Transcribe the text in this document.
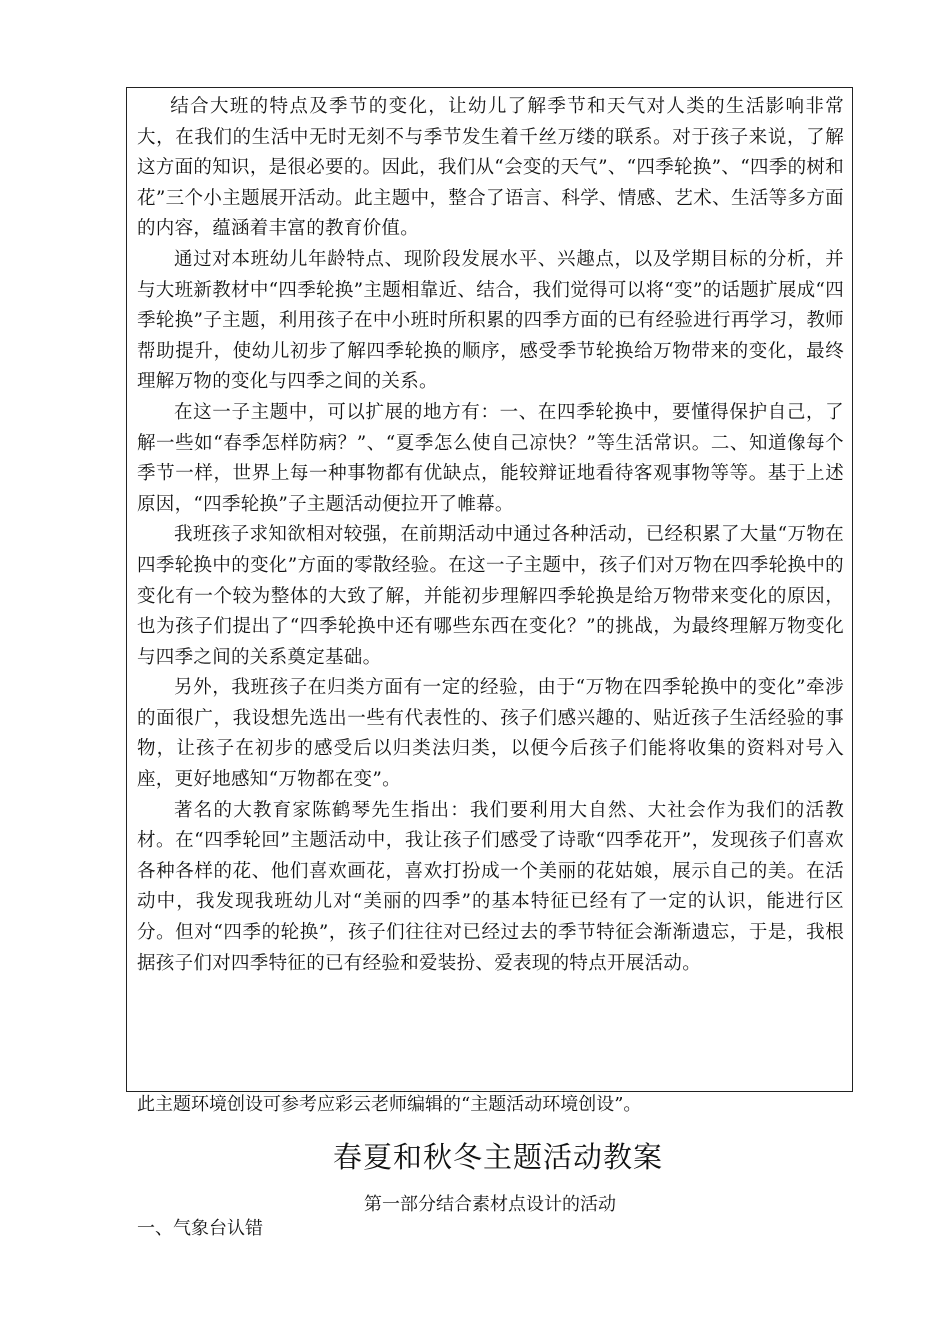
结合大班的特点及季节的变化，让幼儿了解季节和天气对人类的生活影响非常大，在我们的生活中无时无刻不与季节发生着千丝万缕的联系。对于孩子来说，了解这方面的知识，是很必要的。因此，我们从“会变的天气”、“四季轮换”、“四季的树和花”三个小主题展开活动。此主题中，整合了语言、科学、情感、艺术、生活等多方面的内容，蕴涵着丰富的教育价值。

通过对本班幼儿年龄特点、现阶段发展水平、兴趣点，以及学期目标的分析，并与大班新教材中“四季轮换”主题相靠近、结合，我们觉得可以将“变”的话题扩展成“四季轮换”子主题，利用孩子在中小班时所积累的四季方面的已有经验进行再学习，教师帮助提升，使幼儿初步了解四季轮换的顺序，感受季节轮换给万物带来的变化，最终理解万物的变化与四季之间的关系。

在这一子主题中，可以扩展的地方有：一、在四季轮换中，要懂得保护自己，了解一些如“春季怎样防病？”、“夏季怎么使自己凉快？”等生活常识。二、知道像每个季节一样，世界上每一种事物都有优缺点，能较辩证地看待客观事物等等。基于上述原因，“四季轮换”子主题活动便拉开了帷幕。

我班孩子求知欲相对较强，在前期活动中通过各种活动，已经积累了大量“万物在四季轮换中的变化”方面的零散经验。在这一子主题中，孩子们对万物在四季轮换中的变化有一个较为整体的大致了解，并能初步理解四季轮换是给万物带来变化的原因，也为孩子们提出了“四季轮换中还有哪些东西在变化？”的挑战，为最终理解万物变化与四季之间的关系奠定基础。

另外，我班孩子在归类方面有一定的经验，由于“万物在四季轮换中的变化”牵涉的面很广，我设想先选出一些有代表性的、孩子们感兴趣的、贴近孩子生活经验的事物，让孩子在初步的感受后以归类法归类，以便今后孩子们能将收集的资料对号入座，更好地感知“万物都在变”。

著名的大教育家陈鹤琴先生指出：我们要利用大自然、大社会作为我们的活教材。在“四季轮回”主题活动中，我让孩子们感受了诗歌“四季花开”，发现孩子们喜欢各种各样的花、他们喜欢画花，喜欢打扮成一个美丽的花姑娘，展示自己的美。在活动中，我发现我班幼儿对“美丽的四季”的基本特征已经有了一定的认识，能进行区分。但对“四季的轮换”，孩子们往往对已经过去的季节特征会渐渐遗忘，于是，我根据孩子们对四季特征的已有经验和爱装扮、爱表现的特点开展活动。

此主题环境创设可参考应彩云老师编辑的“主题活动环境创设”。

春夏和秋冬主题活动教案

第一部分结合素材点设计的活动

一、气象台认错
